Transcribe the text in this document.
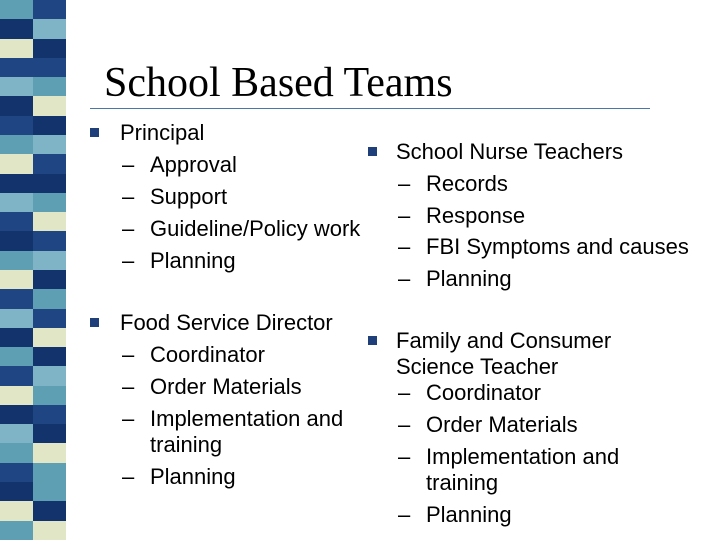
School Based Teams
Principal
– Approval
– Support
– Guideline/Policy work
– Planning
School Nurse Teachers
– Records
– Response
– FBI Symptoms and causes
– Planning
Food Service Director
– Coordinator
– Order Materials
– Implementation and
training
– Planning
Family and Consumer
Science Teacher
– Coordinator
– Order Materials
– Implementation and
training
– Planning
